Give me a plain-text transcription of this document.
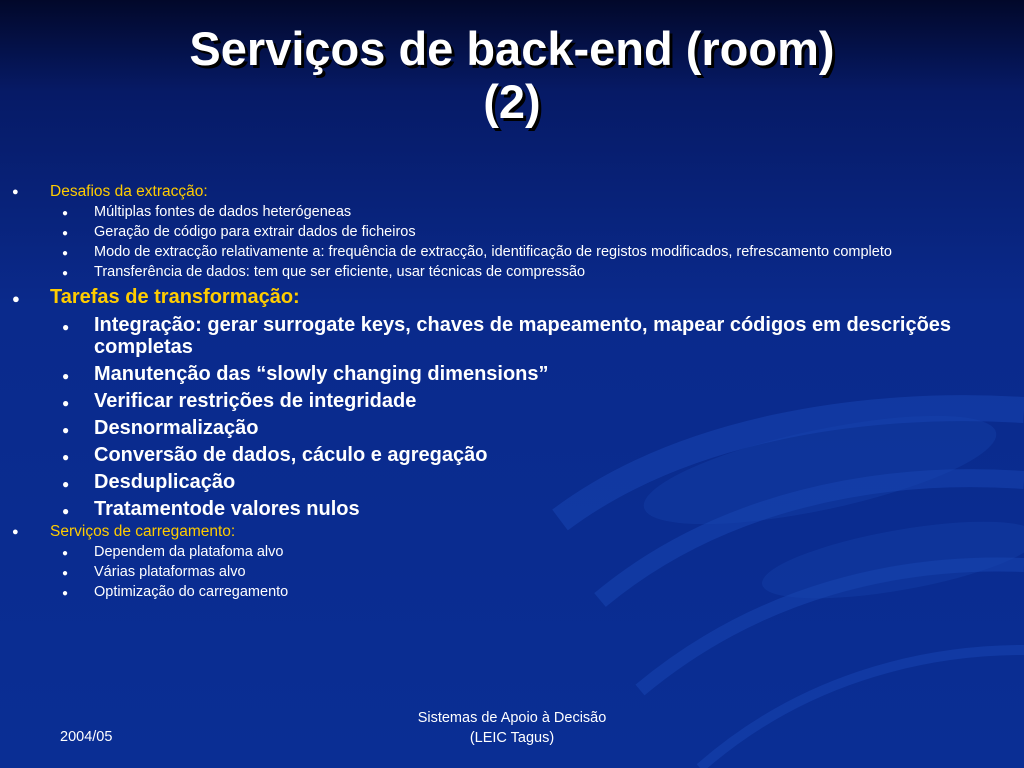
Serviços de back-end (room)
(2)
● Desafios da extracção:
● Múltiplas fontes de dados heterógeneas
● Geração de código para extrair dados de ficheiros
● Modo de extracção relativamente a: frequência de extracção, identificação de registos modificados, refrescamento completo
● Transferência de dados: tem que ser eficiente, usar técnicas de compressão
● Tarefas de transformação:
● Integração: gerar surrogate keys, chaves de mapeamento, mapear códigos em descrições completas
● Manutenção das “slowly changing dimensions”
● Verificar restrições de integridade
● Desnormalização
● Conversão de dados, cáculo e agregação
● Desduplicação
● Tratamentode valores nulos
● Serviços de carregamento:
● Dependem da platafoma alvo
● Várias plataformas alvo
● Optimização do carregamento
2004/05
Sistemas de Apoio à Decisão
(LEIC Tagus)
